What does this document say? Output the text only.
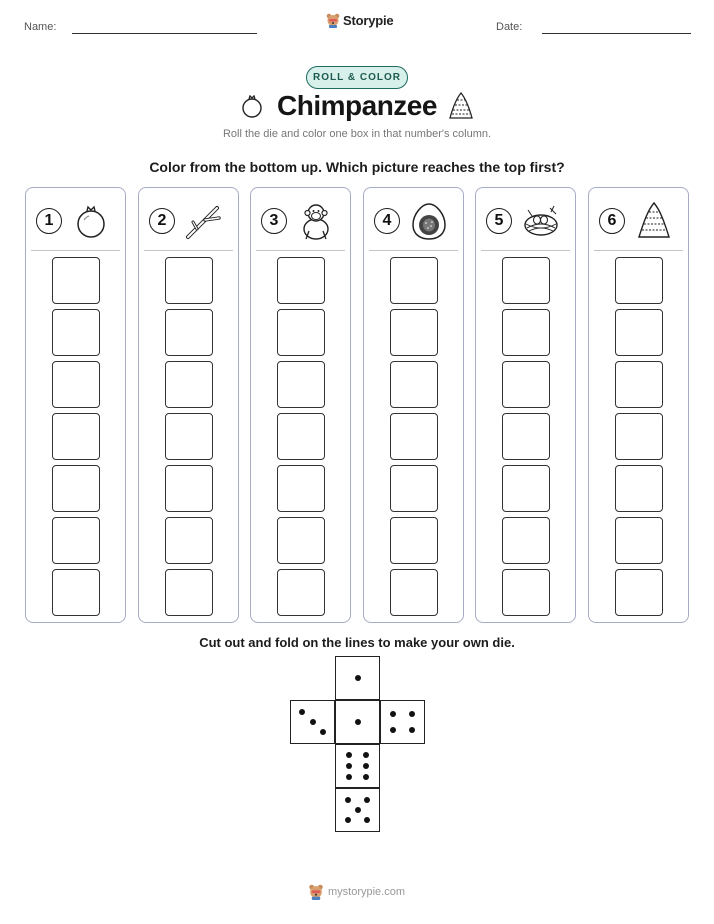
Name:	Storypie	Date:
ROLL & COLOR
Chimpanzee
Roll the die and color one box in that number's column.
Color from the bottom up. Which picture reaches the top first?
1	2	3	4	5	6
Cut out and fold on the lines to make your own die.
mystorypie.com
